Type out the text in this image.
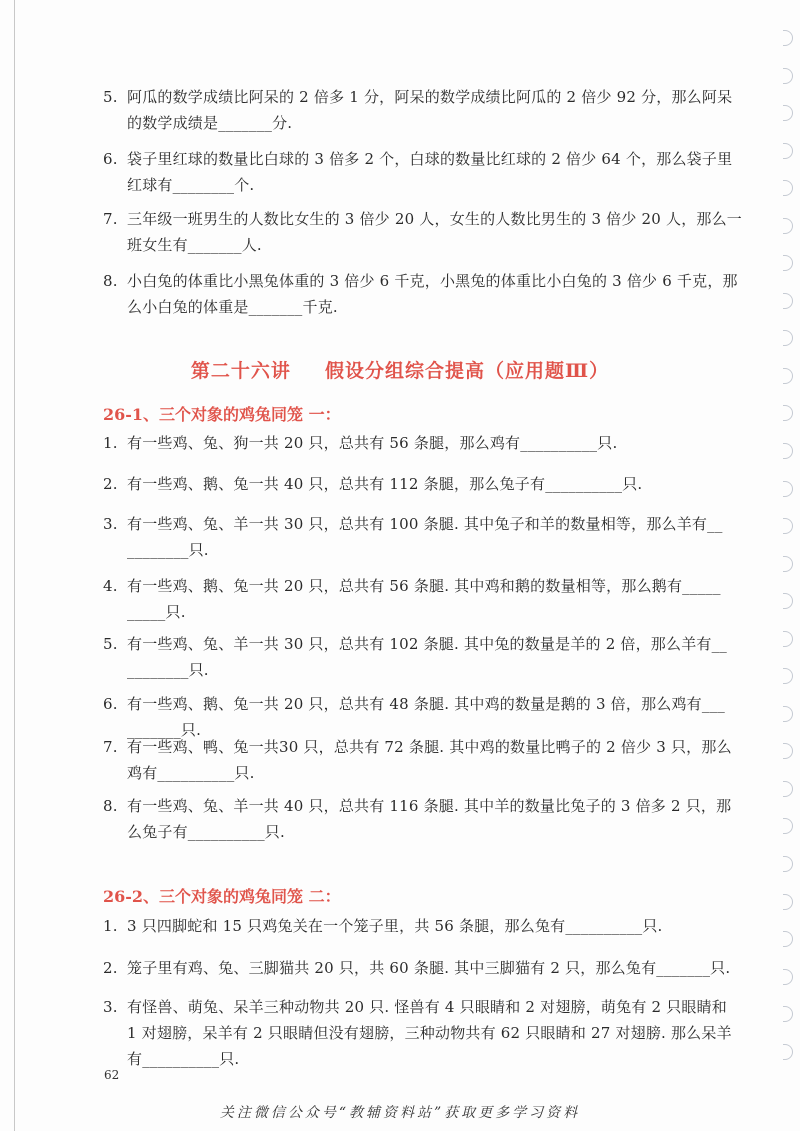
5. 阿瓜的数学成绩比阿呆的 2 倍多 1 分，阿呆的数学成绩比阿瓜的 2 倍少 92 分，那么阿呆
的数学成绩是_______分.
6. 袋子里红球的数量比白球的 3 倍多 2 个，白球的数量比红球的 2 倍少 64 个，那么袋子里
红球有________个.
7. 三年级一班男生的人数比女生的 3 倍少 20 人，女生的人数比男生的 3 倍少 20 人，那么一
班女生有_______人.
8. 小白兔的体重比小黑兔体重的 3 倍少 6 千克，小黑兔的体重比小白兔的 3 倍少 6 千克，那
么小白兔的体重是_______千克.
第二十六讲 假设分组综合提高（应用题Ⅲ）
26-1、三个对象的鸡兔同笼 一：
1. 有一些鸡、兔、狗一共 20 只，总共有 56 条腿，那么鸡有__________只.
2. 有一些鸡、鹅、兔一共 40 只，总共有 112 条腿，那么兔子有__________只.
3. 有一些鸡、兔、羊一共 30 只，总共有 100 条腿. 其中兔子和羊的数量相等，那么羊有__
________只.
4. 有一些鸡、鹅、兔一共 20 只，总共有 56 条腿. 其中鸡和鹅的数量相等，那么鹅有_____
_____只.
5. 有一些鸡、兔、羊一共 30 只，总共有 102 条腿. 其中兔的数量是羊的 2 倍，那么羊有__
________只.
6. 有一些鸡、鹅、兔一共 20 只，总共有 48 条腿. 其中鸡的数量是鹅的 3 倍，那么鸡有___
_______只.
7. 有一些鸡、鸭、兔一共30 只，总共有 72 条腿. 其中鸡的数量比鸭子的 2 倍少 3 只，那么
鸡有__________只.
8. 有一些鸡、兔、羊一共 40 只，总共有 116 条腿. 其中羊的数量比兔子的 3 倍多 2 只，那
么兔子有__________只.
26-2、三个对象的鸡兔同笼 二：
1. 3 只四脚蛇和 15 只鸡兔关在一个笼子里，共 56 条腿，那么兔有__________只.
2. 笼子里有鸡、兔、三脚猫共 20 只，共 60 条腿. 其中三脚猫有 2 只，那么兔有_______只.
3. 有怪兽、萌兔、呆羊三种动物共 20 只. 怪兽有 4 只眼睛和 2 对翅膀，萌兔有 2 只眼睛和
1 对翅膀，呆羊有 2 只眼睛但没有翅膀，三种动物共有 62 只眼睛和 27 对翅膀. 那么呆羊
有__________只.
62
关注微信公众号“教辅资料站”获取更多学习资料
